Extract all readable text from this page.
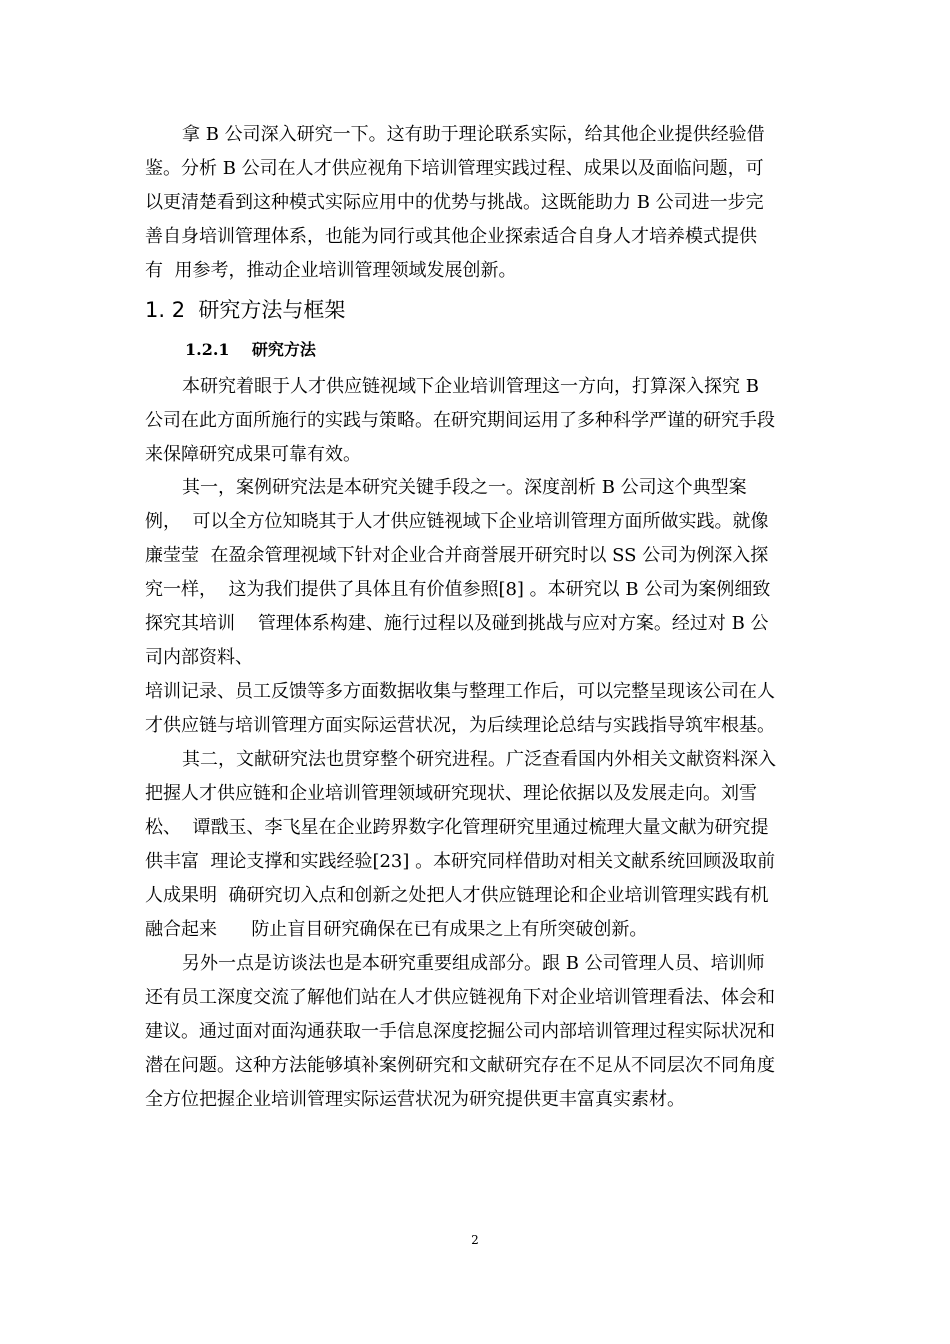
拿 B 公司深入研究一下。这有助于理论联系实际，给其他企业提供经验借
鉴。分析 B 公司在人才供应视角下培训管理实践过程、成果以及面临问题，可
以更清楚看到这种模式实际应用中的优势与挑战。这既能助力 B 公司进一步完
善自身培训管理体系，也能为同行或其他企业探索适合自身人才培养模式提供
有  用参考，推动企业培训管理领域发展创新。
1. 2  研究方法与框架
1.2.1    研究方法
本研究着眼于人才供应链视域下企业培训管理这一方向，打算深入探究 B
公司在此方面所施行的实践与策略。在研究期间运用了多种科学严谨的研究手段
来保障研究成果可靠有效。
其一，案例研究法是本研究关键手段之一。深度剖析 B 公司这个典型案
例，  可以全方位知晓其于人才供应链视域下企业培训管理方面所做实践。就像
廉莹莹  在盈余管理视域下针对企业合并商誉展开研究时以 SS 公司为例深入探
究一样，  这为我们提供了具体且有价值参照[8] 。本研究以 B 公司为案例细致
探究其培训    管理体系构建、施行过程以及碰到挑战与应对方案。经过对 B 公
司内部资料、
培训记录、员工反馈等多方面数据收集与整理工作后，可以完整呈现该公司在人
才供应链与培训管理方面实际运营状况，为后续理论总结与实践指导筑牢根基。
其二，文献研究法也贯穿整个研究进程。广泛查看国内外相关文献资料深入
把握人才供应链和企业培训管理领域研究现状、理论依据以及发展走向。刘雪
松、  谭戬玉、李飞星在企业跨界数字化管理研究里通过梳理大量文献为研究提
供丰富  理论支撑和实践经验[23] 。本研究同样借助对相关文献系统回顾汲取前
人成果明  确研究切入点和创新之处把人才供应链理论和企业培训管理实践有机
融合起来      防止盲目研究确保在已有成果之上有所突破创新。
另外一点是访谈法也是本研究重要组成部分。跟 B 公司管理人员、培训师
还有员工深度交流了解他们站在人才供应链视角下对企业培训管理看法、体会和
建议。通过面对面沟通获取一手信息深度挖掘公司内部培训管理过程实际状况和
潜在问题。这种方法能够填补案例研究和文献研究存在不足从不同层次不同角度
全方位把握企业培训管理实际运营状况为研究提供更丰富真实素材。
2
